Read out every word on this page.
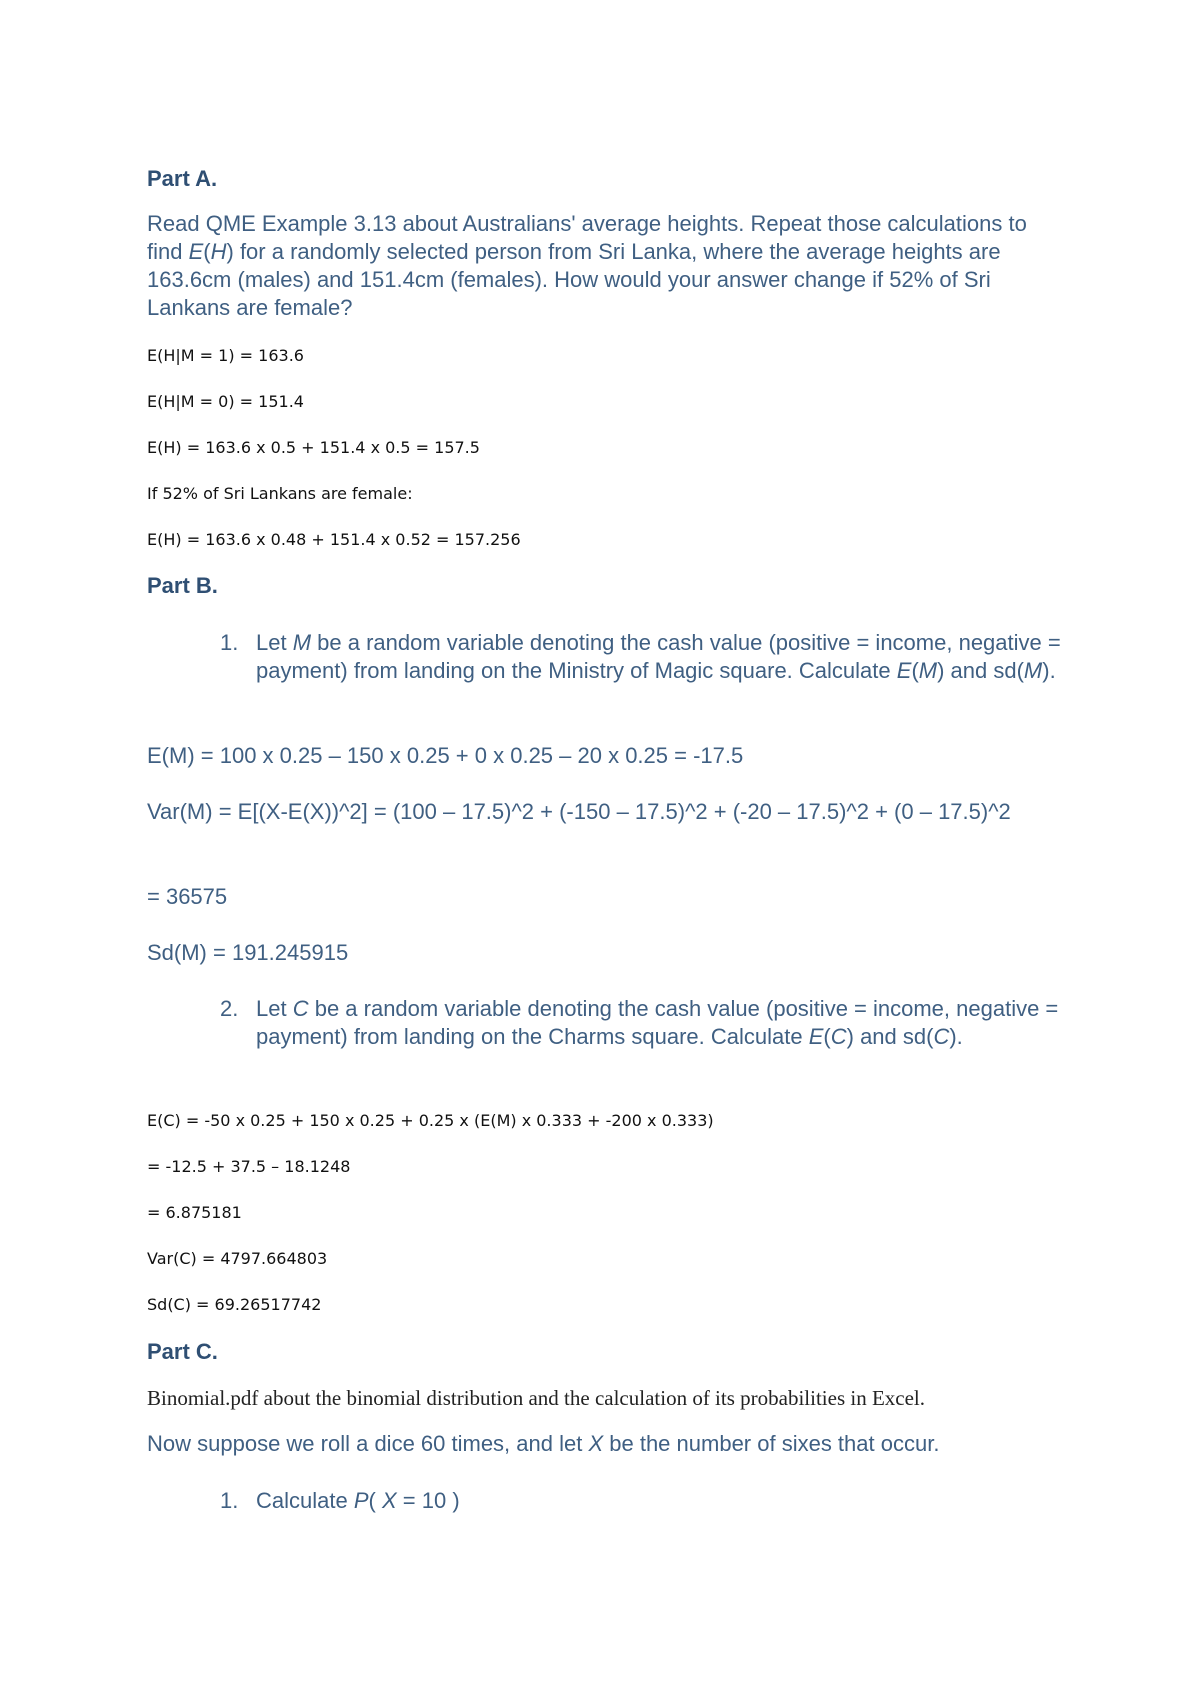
Part A.
Read QME Example 3.13 about Australians' average heights. Repeat those calculations to find E(H) for a randomly selected person from Sri Lanka, where the average heights are 163.6cm (males) and 151.4cm (females). How would your answer change if 52% of Sri Lankans are female?
E(H|M = 1) = 163.6
E(H|M = 0) = 151.4
E(H) = 163.6 x 0.5 + 151.4 x 0.5 = 157.5
If 52% of Sri Lankans are female:
E(H) = 163.6 x 0.48 + 151.4 x 0.52 = 157.256
Part B.
1. Let M be a random variable denoting the cash value (positive = income, negative = payment) from landing on the Ministry of Magic square. Calculate E(M) and sd(M).
E(M) = 100 x 0.25 – 150 x 0.25 + 0 x 0.25 – 20 x 0.25 = -17.5
Var(M) = E[(X-E(X))^2] = (100 – 17.5)^2 + (-150 – 17.5)^2 + (-20 – 17.5)^2 + (0 – 17.5)^2
= 36575
Sd(M) = 191.245915
2. Let C be a random variable denoting the cash value (positive = income, negative = payment) from landing on the Charms square. Calculate E(C) and sd(C).
E(C) = -50 x 0.25 + 150 x 0.25 + 0.25 x (E(M) x 0.333 + -200 x 0.333)
= -12.5 + 37.5 – 18.1248
= 6.875181
Var(C) = 4797.664803
Sd(C) = 69.26517742
Part C.
Binomial.pdf about the binomial distribution and the calculation of its probabilities in Excel.
Now suppose we roll a dice 60 times, and let X be the number of sixes that occur.
1. Calculate P( X = 10 )
